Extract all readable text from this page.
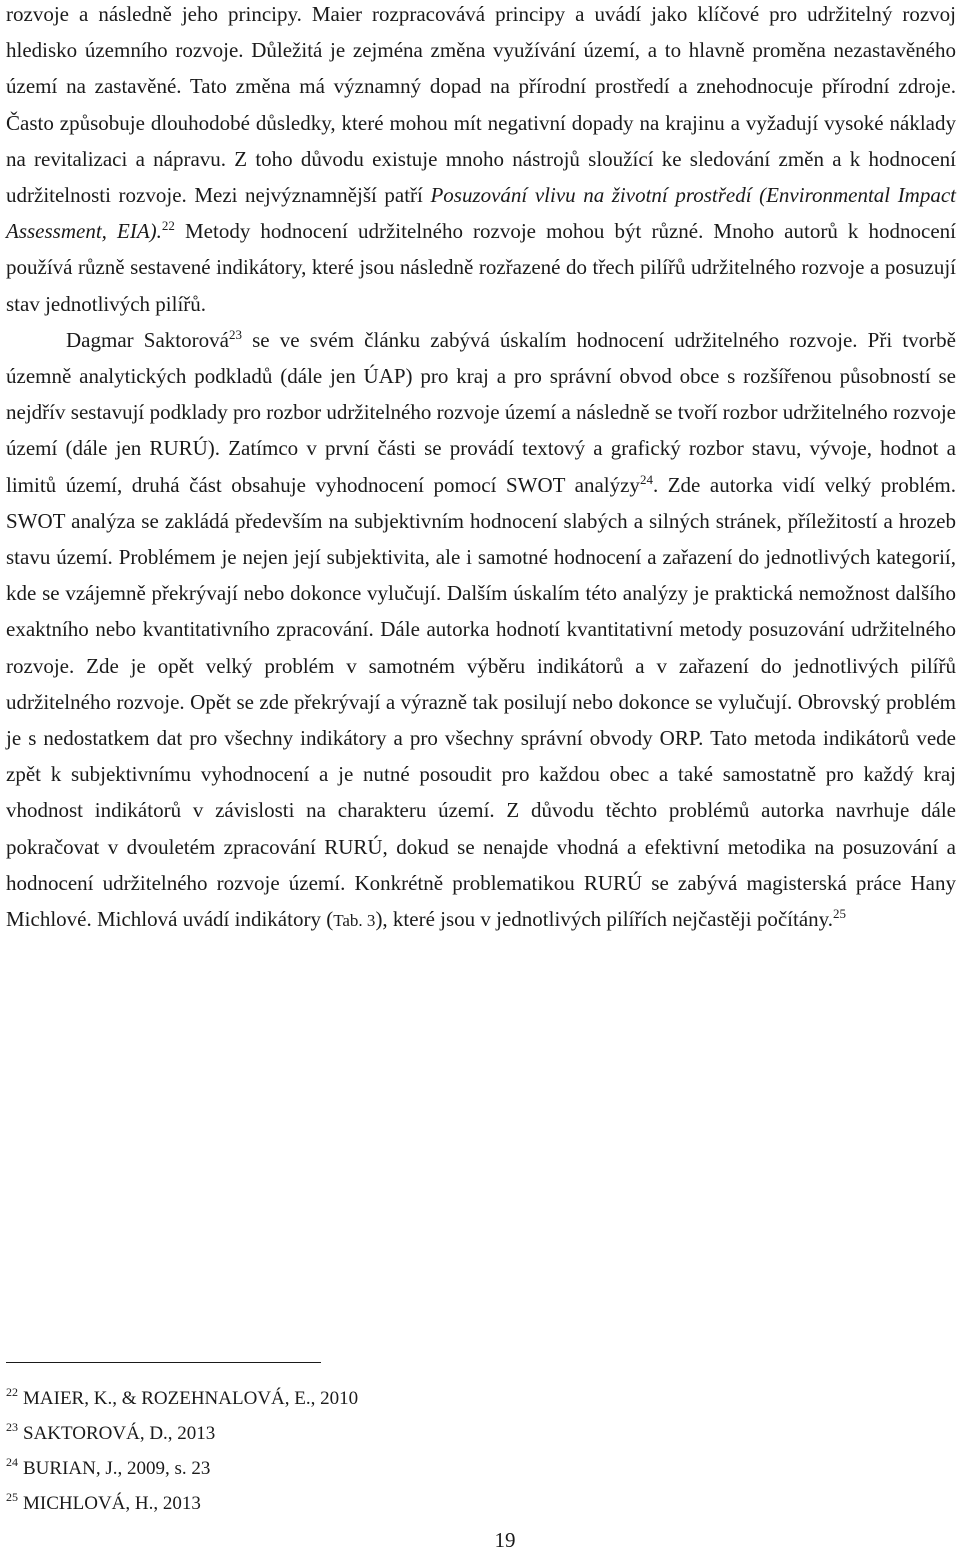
rozvoje a následně jeho principy. Maier rozpracovává principy a uvádí jako klíčové pro udržitelný rozvoj hlediskо územního rozvoje. Důležitá je zejména změna využívání území, a to hlavně proměna nezastavěného území na zastavěné. Tato změna má významný dopad na přírodní prostředí a znehodnocuje přírodní zdroje. Často způsobuje dlouhodobé důsledky, které mohou mít negativní dopady na krajinu a vyžadují vysoké náklady na revitalizaci a nápravu. Z toho důvodu existuje mnoho nástrojů sloužící ke sledování změn a k hodnocení udržitelnosti rozvoje. Mezi nejvýznamnější patří Posuzování vlivu na životní prostředí (Environmental Impact Assessment, EIA).$^{22}$ Metody hodnocení udržitelného rozvoje mohou být různé. Mnoho autorů k hodnocení používá různě sestavené indikátory, které jsou následně rozřazené do třech pilířů udržitelného rozvoje a posuzují stav jednotlivých pilířů.

Dagmar Saktorová$^{23}$ se ve svém článku zabývá úskalím hodnocení udržitelného rozvoje. Při tvorbě územně analytických podkladů (dále jen ÚAP) pro kraj a pro správní obvod obce s rozšířenou působností se nejdřív sestavují podklady pro rozbor udržitelného rozvoje území a následně se tvoří rozbor udržitelného rozvoje území (dále jen RURÚ). Zatímco v první části se provádí textový a grafický rozbor stavu, vývoje, hodnot a limitů území, druhá část obsahuje vyhodnocení pomocí SWOT analýzy$^{24}$. Zde autorka vidí velký problém. SWOT analýza se zakládá především na subjektivním hodnocení slabých a silných stránek, příležitostí a hrozeb stavu území. Problémem je nejen její subjektivita, ale i samotné hodnocení a zařazení do jednotlivých kategorií, kde se vzájemně překrývají nebo dokonce vylučují. Dalším úskalím této analýzy je praktická nemožnost dalšího exaktního nebo kvantitativního zpracování. Dále autorka hodnotí kvantitativní metody posuzování udržitelného rozvoje. Zde je opět velký problém v samotném výběru indikátorů a v zařazení do jednotlivých pilířů udržitelného rozvoje. Opět se zde překrývají a výrazně tak posilují nebo dokonce se vylučují. Obrovský problém je s nedostatkem dat pro všechny indikátory a pro všechny správní obvody ORP. Tato metoda indikátorů vede zpět k subjektivnímu vyhodnocení a je nutné posoudit pro každou obec a také samostatně pro každý kraj vhodnost indikátorů v závislosti na charakteru území. Z důvodu těchto problémů autorka navrhuje dále pokračovat v dvouletém zpracování RURÚ, dokud se nenajde vhodná a efektivní metodika na posuzování a hodnocení udržitelného rozvoje území. Konkrétně problematikou RURÚ se zabývá magisterská práce Hany Michlové. Michlová uvádí indikátory (Tab. 3), které jsou v jednotlivých pilířích nejčastěji počítány.$^{25}$

$^{22}$ MAIER, K., & ROZEHNALOVÁ, E., 2010

$^{23}$ SAKTOROVÁ, D., 2013

$^{24}$ BURIAN, J., 2009, s. 23

$^{25}$ MICHLOVÁ, H., 2013

19
